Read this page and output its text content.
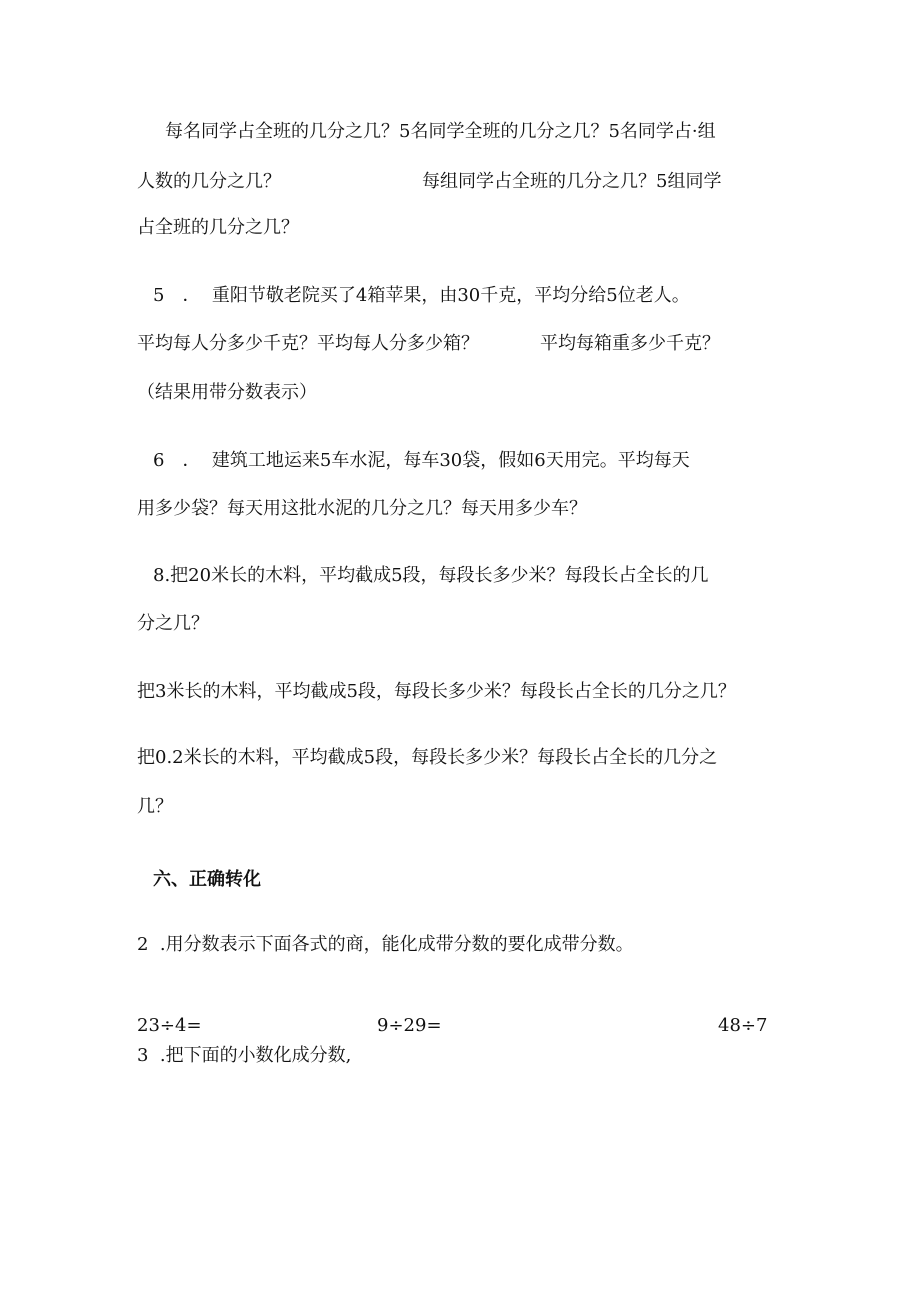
每名同学占全班的几分之几？5名同学全班的几分之几？5名同学占·组

人数的几分之几？	每组同学占全班的几分之几？5组同学

占全班的几分之几？

5　．  重阳节敬老院买了4箱苹果，由30千克，平均分给5位老人。

平均每人分多少千克？平均每人分多少箱？	平均每箱重多少千克？

（结果用带分数表示）

6　．  建筑工地运来5车水泥，每车30袋，假如6天用完。平均每天

用多少袋？每天用这批水泥的几分之几？每天用多少车？

8.把20米长的木料，平均截成5段，每段长多少米？每段长占全长的几

分之几？

把3米长的木料，平均截成5段，每段长多少米？每段长占全长的几分之几？

把0.2米长的木料，平均截成5段，每段长多少米？每段长占全长的几分之

几？

六、正确转化

2  .用分数表示下面各式的商，能化成带分数的要化成带分数。

23÷4=	9÷29=	48÷7

3  .把下面的小数化成分数,
